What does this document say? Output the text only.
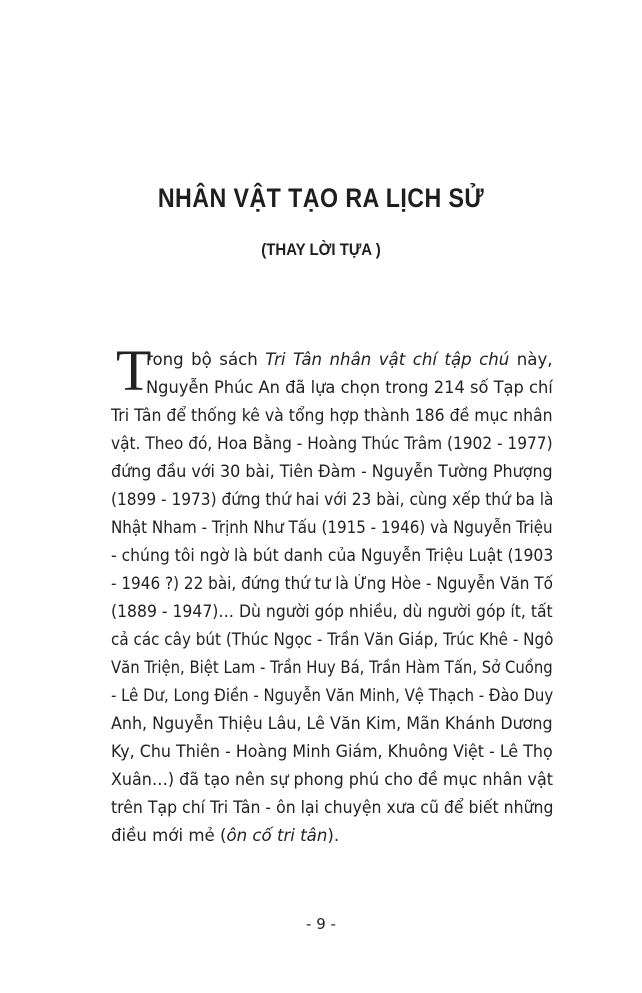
NHÂN VẬT TẠO RA LỊCH SỬ
(THAY LỜI TỰA )
T
rong bộ sách Tri Tân nhân vật chí tập chú này,
Nguyễn Phúc An đã lựa chọn trong 214 số Tạp chí
Tri Tân để thống kê và tổng hợp thành 186 đề mục nhân
vật. Theo đó, Hoa Bằng - Hoàng Thúc Trâm (1902 - 1977)
đứng đầu với 30 bài, Tiên Đàm - Nguyễn Tường Phượng
(1899 - 1973) đứng thứ hai với 23 bài, cùng xếp thứ ba là
Nhật Nham - Trịnh Như Tấu (1915 - 1946) và Nguyễn Triệu
- chúng tôi ngờ là bút danh của Nguyễn Triệu Luật (1903
- 1946 ?) 22 bài, đứng thứ tư là Ứng Hòe - Nguyễn Văn Tố
(1889 - 1947)… Dù người góp nhiều, dù người góp ít, tất
cả các cây bút (Thúc Ngọc - Trần Văn Giáp, Trúc Khê - Ngô
Văn Triện, Biệt Lam - Trần Huy Bá, Trần Hàm Tấn, Sở Cuồng
- Lê Dư, Long Điền - Nguyễn Văn Minh, Vệ Thạch - Đào Duy
Anh, Nguyễn Thiệu Lâu, Lê Văn Kim, Mãn Khánh Dương
Ky, Chu Thiên - Hoàng Minh Giám, Khuông Việt - Lê Thọ
Xuân…) đã tạo nên sự phong phú cho đề mục nhân vật
trên Tạp chí Tri Tân - ôn lại chuyện xưa cũ để biết những
điều mới mẻ (ôn cố tri tân).
- 9 -
